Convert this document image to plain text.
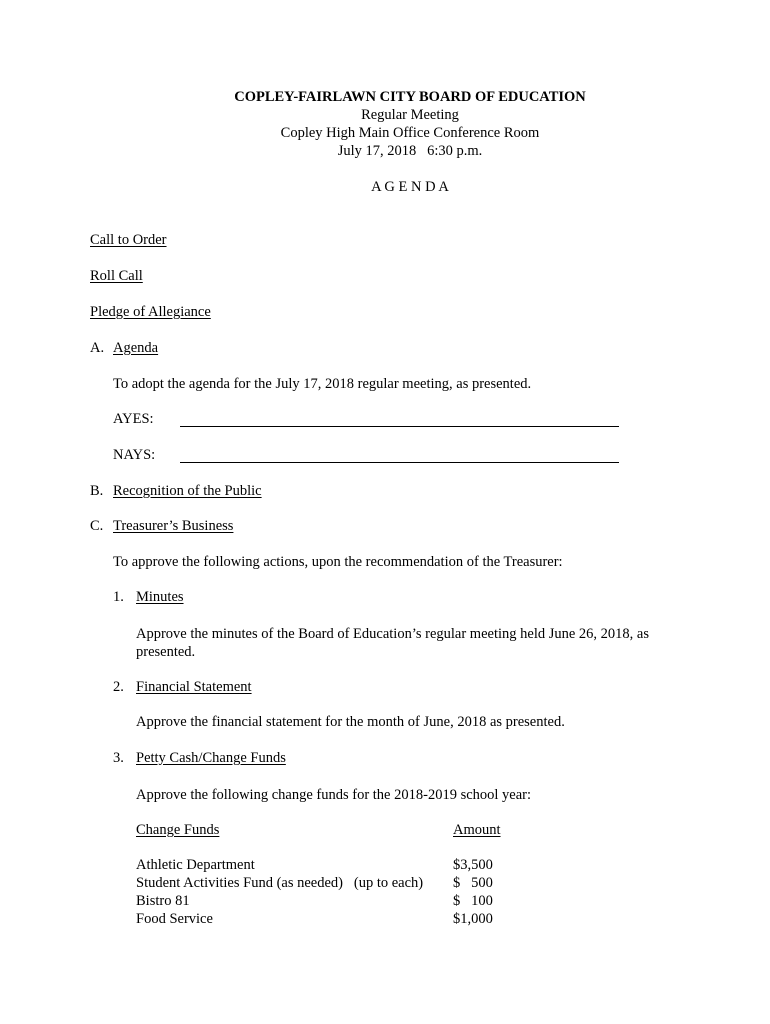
COPLEY-FAIRLAWN CITY BOARD OF EDUCATION
Regular Meeting
Copley High Main Office Conference Room
July 17, 2018   6:30 p.m.
A G E N D A
Call to Order
Roll Call
Pledge of Allegiance
A. Agenda
To adopt the agenda for the July 17, 2018 regular meeting, as presented.
AYES:
NAYS:
B. Recognition of the Public
C. Treasurer’s Business
To approve the following actions, upon the recommendation of the Treasurer:
1. Minutes
Approve the minutes of the Board of Education’s regular meeting held June 26, 2018, as
presented.
2. Financial Statement
Approve the financial statement for the month of June, 2018 as presented.
3. Petty Cash/Change Funds
Approve the following change funds for the 2018-2019 school year:
Change Funds	Amount
Athletic Department	$3,500
Student Activities Fund (as needed)   (up to each) $   500
Bistro 81	$   100
Food Service	$1,000
